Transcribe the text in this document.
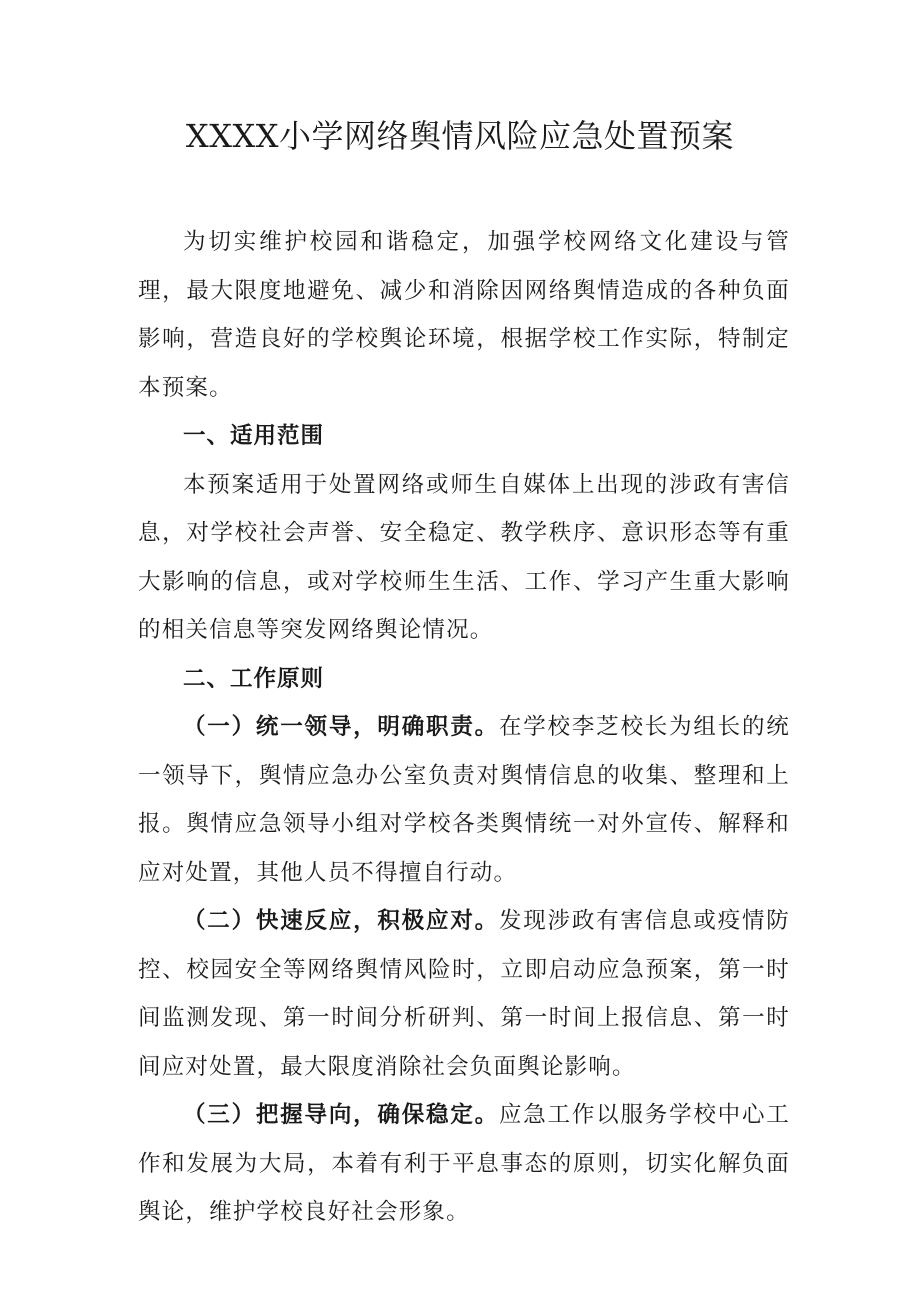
XXXX小学网络舆情风险应急处置预案

为切实维护校园和谐稳定，加强学校网络文化建设与管理，最大限度地避免、减少和消除因网络舆情造成的各种负面影响，营造良好的学校舆论环境，根据学校工作实际，特制定本预案。

一、适用范围

本预案适用于处置网络或师生自媒体上出现的涉政有害信息，对学校社会声誉、安全稳定、教学秩序、意识形态等有重大影响的信息，或对学校师生生活、工作、学习产生重大影响的相关信息等突发网络舆论情况。

二、工作原则

（一）统一领导，明确职责。在学校李芝校长为组长的统一领导下，舆情应急办公室负责对舆情信息的收集、整理和上报。舆情应急领导小组对学校各类舆情统一对外宣传、解释和应对处置，其他人员不得擅自行动。

（二）快速反应，积极应对。发现涉政有害信息或疫情防控、校园安全等网络舆情风险时，立即启动应急预案，第一时间监测发现、第一时间分析研判、第一时间上报信息、第一时间应对处置，最大限度消除社会负面舆论影响。

（三）把握导向，确保稳定。应急工作以服务学校中心工作和发展为大局，本着有利于平息事态的原则，切实化解负面舆论，维护学校良好社会形象。
